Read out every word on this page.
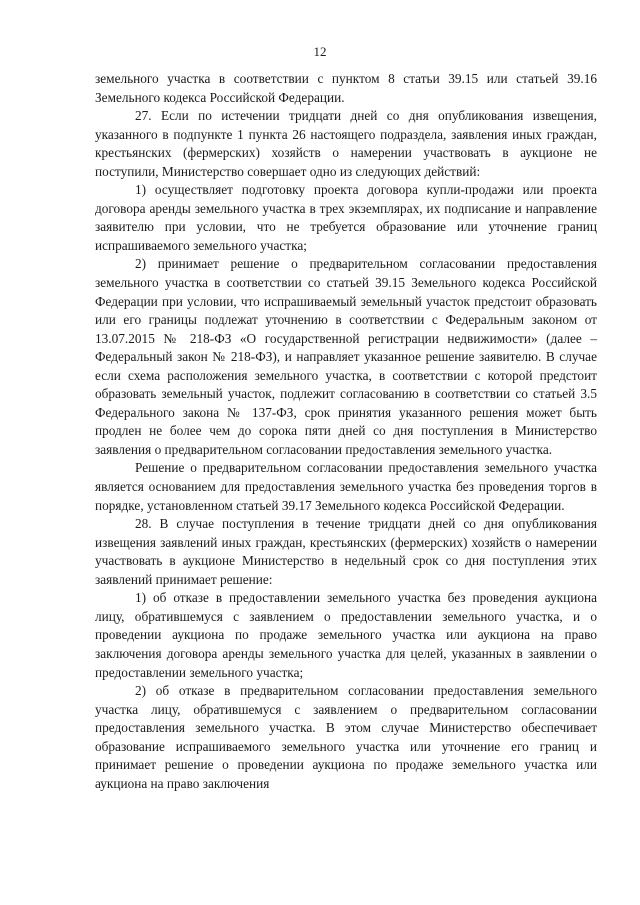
12

земельного участка в соответствии с пунктом 8 статьи 39.15 или статьей 39.16 Земельного кодекса Российской Федерации.

27. Если по истечении тридцати дней со дня опубликования извещения, указанного в подпункте 1 пункта 26 настоящего подраздела, заявления иных граждан, крестьянских (фермерских) хозяйств о намерении участвовать в аукционе не поступили, Министерство совершает одно из следующих действий:

1) осуществляет подготовку проекта договора купли-продажи или проекта договора аренды земельного участка в трех экземплярах, их подписание и направление заявителю при условии, что не требуется образование или уточнение границ испрашиваемого земельного участка;

2) принимает решение о предварительном согласовании предоставления земельного участка в соответствии со статьей 39.15 Земельного кодекса Российской Федерации при условии, что испрашиваемый земельный участок предстоит образовать или его границы подлежат уточнению в соответствии с Федеральным законом от 13.07.2015 № 218-ФЗ «О государственной регистрации недвижимости» (далее – Федеральный закон № 218-ФЗ), и направляет указанное решение заявителю. В случае если схема расположения земельного участка, в соответствии с которой предстоит образовать земельный участок, подлежит согласованию в соответствии со статьей 3.5 Федерального закона № 137-ФЗ, срок принятия указанного решения может быть продлен не более чем до сорока пяти дней со дня поступления в Министерство заявления о предварительном согласовании предоставления земельного участка.

Решение о предварительном согласовании предоставления земельного участка является основанием для предоставления земельного участка без проведения торгов в порядке, установленном статьей 39.17 Земельного кодекса Российской Федерации.

28. В случае поступления в течение тридцати дней со дня опубликования извещения заявлений иных граждан, крестьянских (фермерских) хозяйств о намерении участвовать в аукционе Министерство в недельный срок со дня поступления этих заявлений принимает решение:

1) об отказе в предоставлении земельного участка без проведения аукциона лицу, обратившемуся с заявлением о предоставлении земельного участка, и о проведении аукциона по продаже земельного участка или аукциона на право заключения договора аренды земельного участка для целей, указанных в заявлении о предоставлении земельного участка;

2) об отказе в предварительном согласовании предоставления земельного участка лицу, обратившемуся с заявлением о предварительном согласовании предоставления земельного участка. В этом случае Министерство обеспечивает образование испрашиваемого земельного участка или уточнение его границ и принимает решение о проведении аукциона по продаже земельного участка или аукциона на право заключения
